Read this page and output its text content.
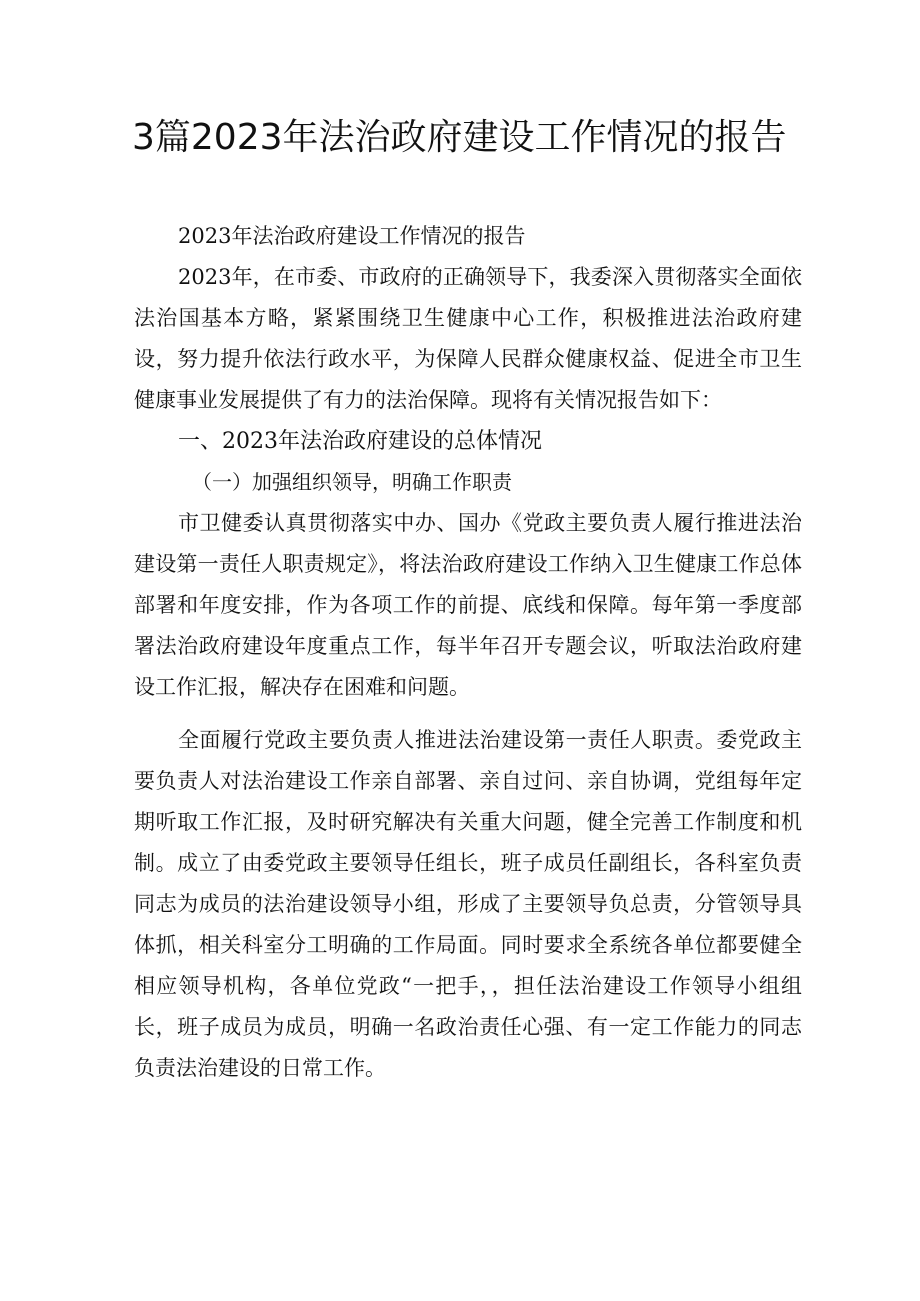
3篇2023年法治政府建设工作情况的报告

2023年法治政府建设工作情况的报告

2023年，在市委、市政府的正确领导下，我委深入贯彻落实全面依法治国基本方略，紧紧围绕卫生健康中心工作，积极推进法治政府建设，努力提升依法行政水平，为保障人民群众健康权益、促进全市卫生健康事业发展提供了有力的法治保障。现将有关情况报告如下：

一、2023年法治政府建设的总体情况

（一）加强组织领导，明确工作职责

市卫健委认真贯彻落实中办、国办《党政主要负责人履行推进法治建设第一责任人职责规定》，将法治政府建设工作纳入卫生健康工作总体部署和年度安排，作为各项工作的前提、底线和保障。每年第一季度部署法治政府建设年度重点工作，每半年召开专题会议，听取法治政府建设工作汇报，解决存在困难和问题。

全面履行党政主要负责人推进法治建设第一责任人职责。委党政主要负责人对法治建设工作亲自部署、亲自过问、亲自协调，党组每年定期听取工作汇报，及时研究解决有关重大问题，健全完善工作制度和机制。成立了由委党政主要领导任组长，班子成员任副组长，各科室负责同志为成员的法治建设领导小组，形成了主要领导负总责，分管领导具体抓，相关科室分工明确的工作局面。同时要求全系统各单位都要健全相应领导机构，各单位党政“一把手，，担任法治建设工作领导小组组长，班子成员为成员，明确一名政治责任心强、有一定工作能力的同志负责法治建设的日常工作。
